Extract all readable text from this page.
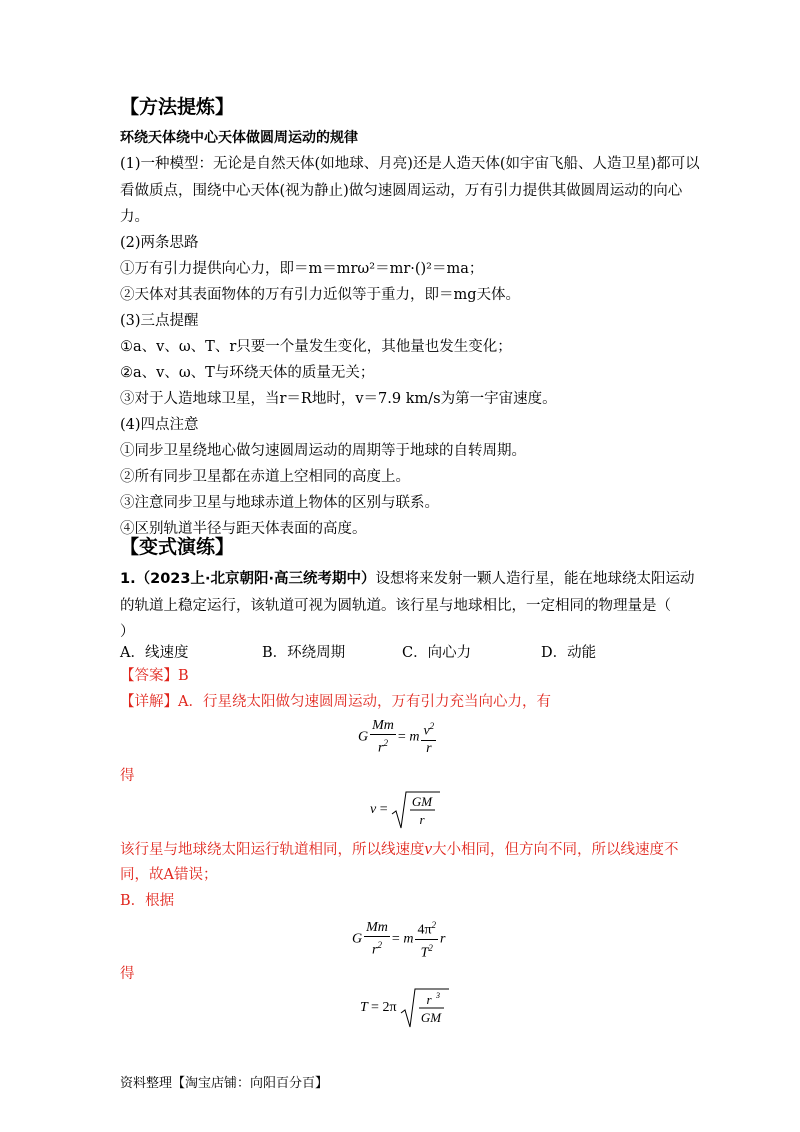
【方法提炼】
环绕天体绕中心天体做圆周运动的规律
(1)一种模型：无论是自然天体(如地球、月亮)还是人造天体(如宇宙飞船、人造卫星)都可以
看做质点，围绕中心天体(视为静止)做匀速圆周运动，万有引力提供其做圆周运动的向心
力。
(2)两条思路
①万有引力提供向心力，即＝m＝mrω²＝mr·()²＝ma；
②天体对其表面物体的万有引力近似等于重力，即＝mg天体。
(3)三点提醒
①a、v、ω、T、r只要一个量发生变化，其他量也发生变化；
②a、v、ω、T与环绕天体的质量无关；
③对于人造地球卫星，当r＝R地时，v＝7.9 km/s为第一宇宙速度。
(4)四点注意
①同步卫星绕地心做匀速圆周运动的周期等于地球的自转周期。
②所有同步卫星都在赤道上空相同的高度上。
③注意同步卫星与地球赤道上物体的区别与联系。
④区别轨道半径与距天体表面的高度。
【变式演练】
1.（2023上·北京朝阳·高三统考期中）设想将来发射一颗人造行星，能在地球绕太阳运动
的轨道上稳定运行，该轨道可视为圆轨道。该行星与地球相比，一定相同的物理量是（
）
A．线速度	B．环绕周期	C．向心力	D．动能
【答案】B
【详解】A．行星绕太阳做匀速圆周运动，万有引力充当向心力，有
G $\frac{Mm}{r^2} = m \frac{v^2}{r}$
得
v =
GM
r
该行星与地球绕太阳运行轨道相同，所以线速度v大小相同，但方向不同，所以线速度不
同，故A错误；
B．根据
G $\frac{Mm}{r^2} = m \frac{4\pi^2}{T^2}$ r
得
T = 2π
r 3
GM
资料整理【淘宝店铺：向阳百分百】
